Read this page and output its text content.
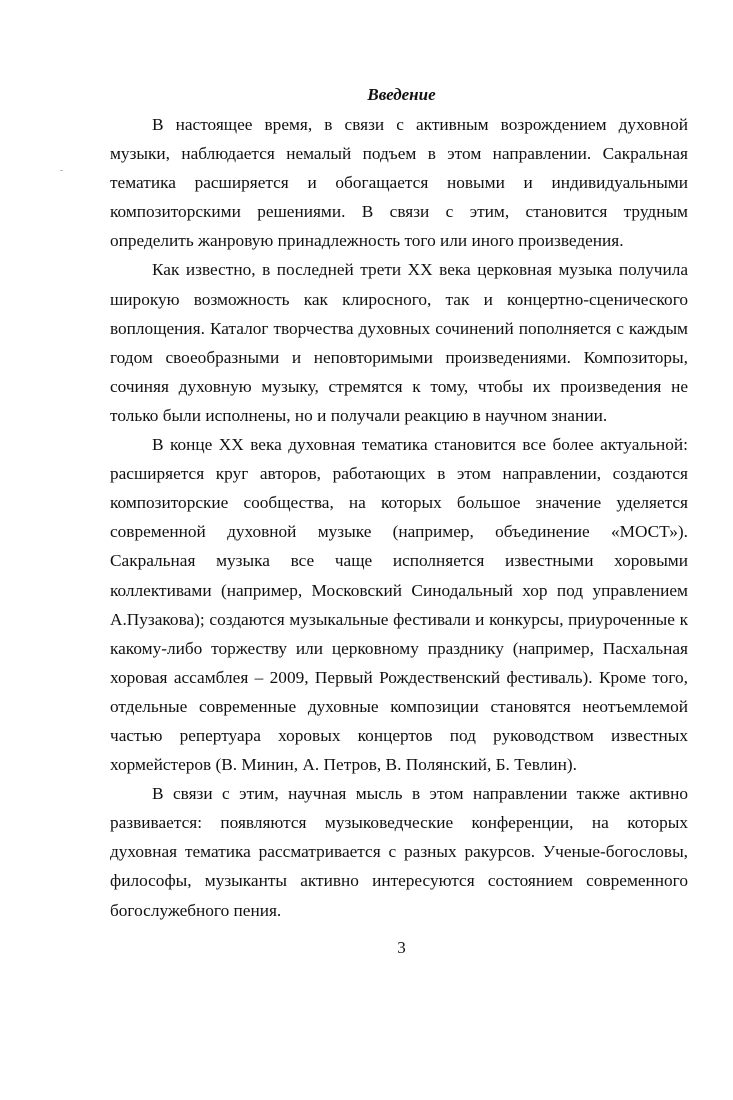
Введение

В настоящее время, в связи с активным возрождением духовной музыки, наблюдается немалый подъем в этом направлении. Сакральная тематика расширяется и обогащается новыми и индивидуальными композиторскими решениями. В связи с этим, становится трудным определить жанровую принадлежность того или иного произведения.

Как известно, в последней трети XX века церковная музыка получила широкую возможность как клиросного, так и концертно-сценического воплощения. Каталог творчества духовных сочинений пополняется с каждым годом своеобразными и неповторимыми произведениями. Композиторы, сочиняя духовную музыку, стремятся к тому, чтобы их произведения не только были исполнены, но и получали реакцию в научном знании.

В конце XX века духовная тематика становится все более актуальной: расширяется круг авторов, работающих в этом направлении, создаются композиторские сообщества, на которых большое значение уделяется современной духовной музыке (например, объединение «МОСТ»). Сакральная музыка все чаще исполняется известными хоровыми коллективами (например, Московский Синодальный хор под управлением А.Пузакова); создаются музыкальные фестивали и конкурсы, приуроченные к какому-либо торжеству или церковному празднику (например, Пасхальная хоровая ассамблея – 2009, Первый Рождественский фестиваль). Кроме того, отдельные современные духовные композиции становятся неотъемлемой частью репертуара хоровых концертов под руководством известных хормейстеров (В. Минин, А. Петров, В. Полянский, Б. Тевлин).

В связи с этим, научная мысль в этом направлении также активно развивается: появляются музыковедческие конференции, на которых духовная тематика рассматривается с разных ракурсов. Ученые-богословы, философы, музыканты активно интересуются состоянием современного богослужебного пения.

3
